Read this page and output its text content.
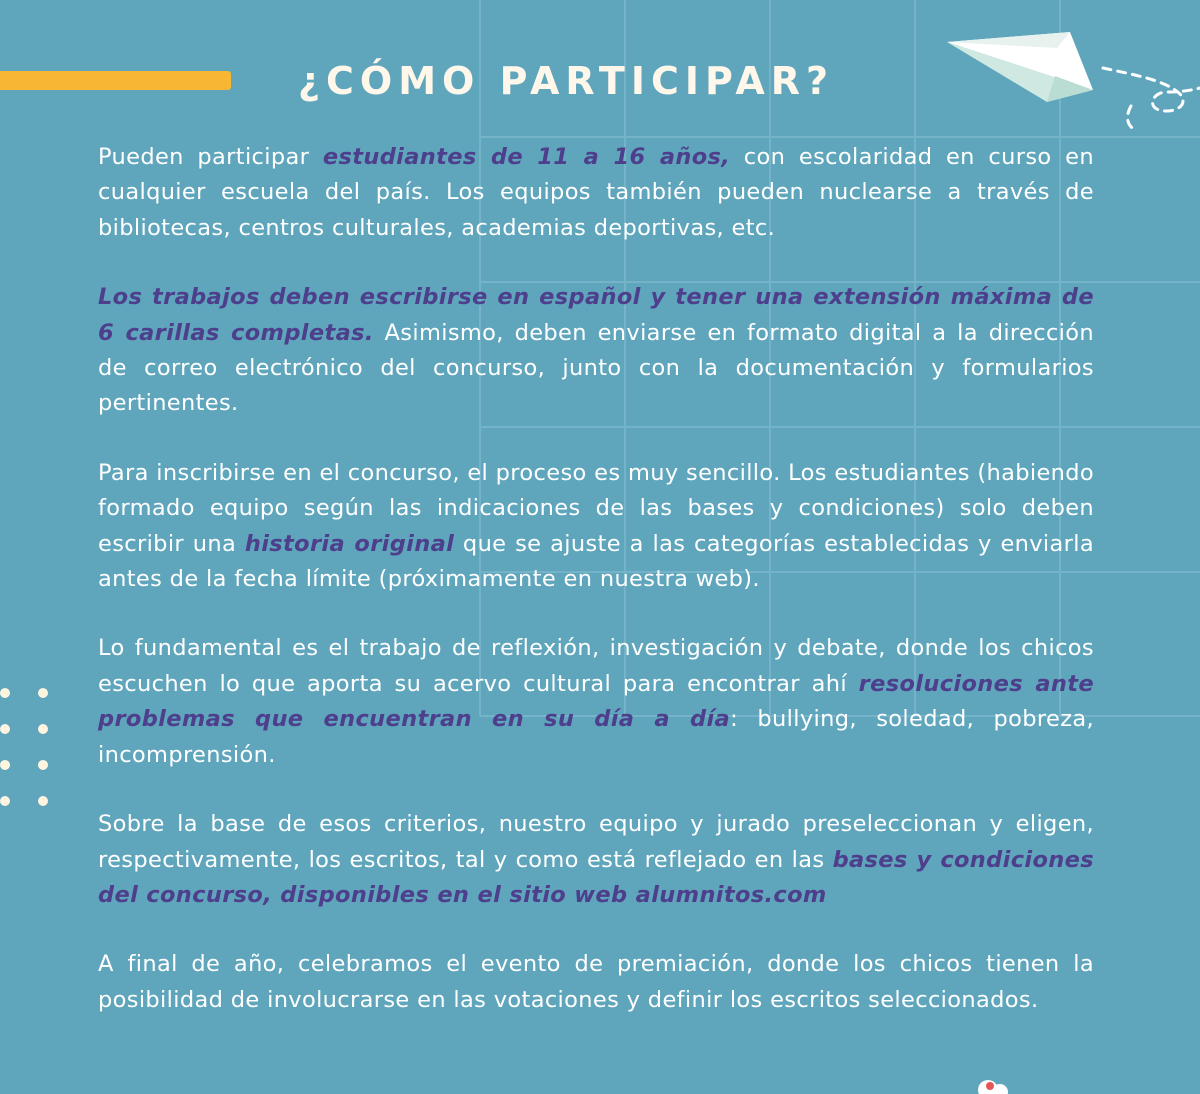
¿CÓMO PARTICIPAR?

Pueden participar estudiantes de 11 a 16 años, con escolaridad en curso en cualquier escuela del país. Los equipos también pueden nuclearse a través de bibliotecas, centros culturales, academias deportivas, etc.

Los trabajos deben escribirse en español y tener una extensión máxima de 6 carillas completas. Asimismo, deben enviarse en formato digital a la dirección de correo electrónico del concurso, junto con la documentación y formularios pertinentes.

Para inscribirse en el concurso, el proceso es muy sencillo. Los estudiantes (habiendo formado equipo según las indicaciones de las bases y condiciones) solo deben escribir una historia original que se ajuste a las categorías establecidas y enviarla antes de la fecha límite (próximamente en nuestra web).

Lo fundamental es el trabajo de reflexión, investigación y debate, donde los chicos escuchen lo que aporta su acervo cultural para encontrar ahí resoluciones ante problemas que encuentran en su día a día: bullying, soledad, pobreza, incomprensión.

Sobre la base de esos criterios, nuestro equipo y jurado preseleccionan y eligen, respectivamente, los escritos, tal y como está reflejado en las bases y condiciones del concurso, disponibles en el sitio web alumnitos.com

A final de año, celebramos el evento de premiación, donde los chicos tienen la posibilidad de involucrarse en las votaciones y definir los escritos seleccionados.
